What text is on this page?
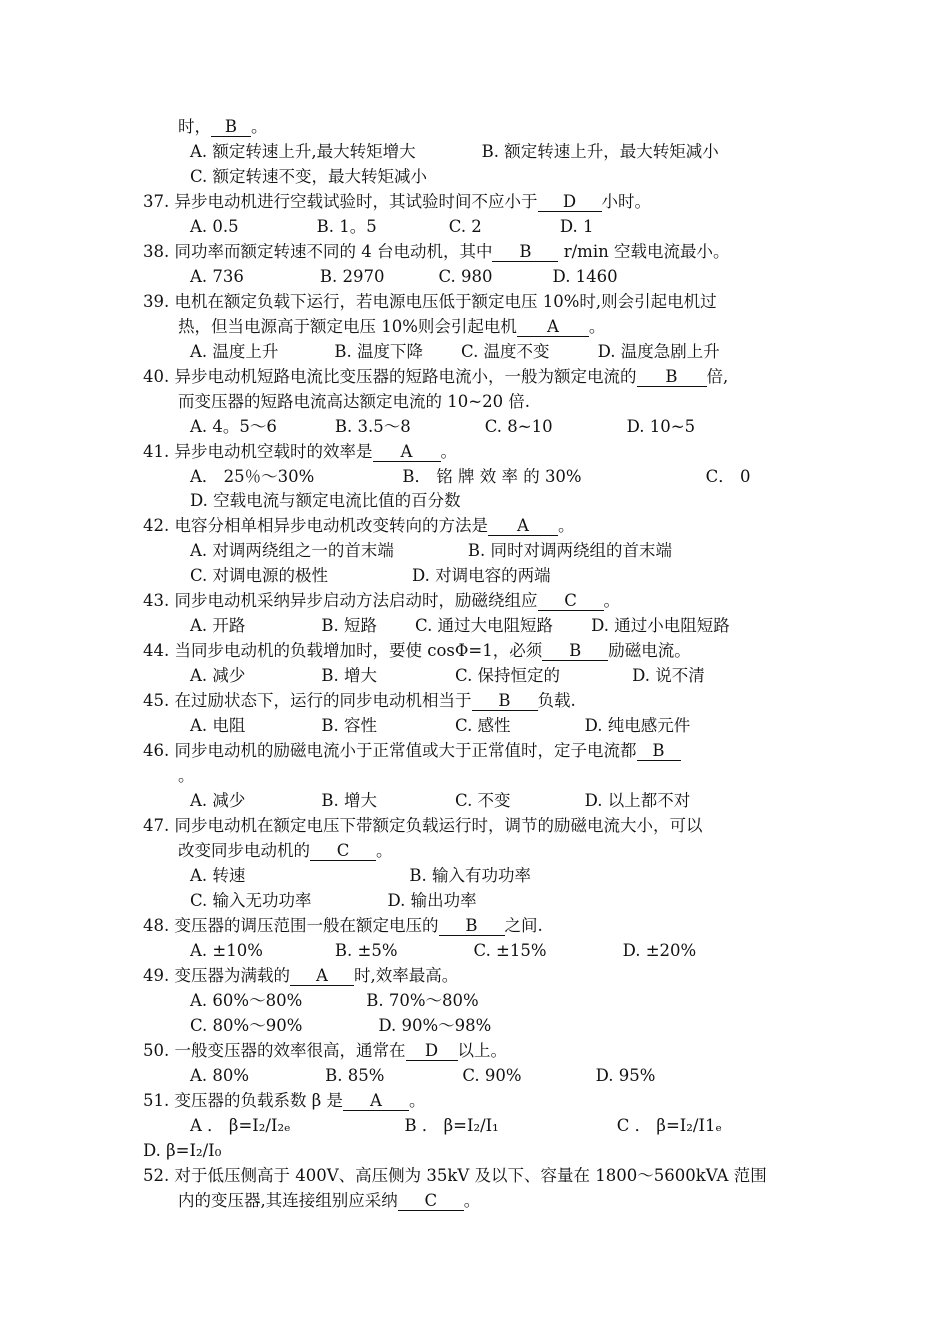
时， B 。
A. 额定转速上升,最大转矩增大	B. 额定转速上升，最大转矩减小
C. 额定转速不变，最大转矩减小
37. 异步电动机进行空载试验时，其试验时间不应小于 D 小时。
A. 0.5	B. 1。5	C. 2	D. 1
38. 同功率而额定转速不同的 4 台电动机，其中 B r/min 空载电流最小。
A. 736	B. 2970	C. 980	D. 1460
39. 电机在额定负载下运行，若电源电压低于额定电压 10%时,则会引起电机过
热，但当电源高于额定电压 10%则会引起电机 A 。
A. 温度上升	B. 温度下降 C. 温度不变	D. 温度急剧上升
40. 异步电动机短路电流比变压器的短路电流小，一般为额定电流的 B 倍,
而变压器的短路电流高达额定电流的 10~20 倍.
A. 4。5～6	B. 3.5～8	C. 8~10	D. 10~5
41. 异步电动机空载时的效率是 A 。
A． 25％～30%	B． 铭 牌 效 率 的 30%	C． 0
D. 空载电流与额定电流比值的百分数
42. 电容分相单相异步电动机改变转向的方法是 A 。
A. 对调两绕组之一的首末端	B. 同时对调两绕组的首末端
C. 对调电源的极性	D. 对调电容的两端
43. 同步电动机采纳异步启动方法启动时，励磁绕组应 C 。
A. 开路	B. 短路 C. 通过大电阻短路 D. 通过小电阻短路
44. 当同步电动机的负载增加时，要使 cosΦ=1，必须 B 励磁电流。
A. 减少	B. 增大	C. 保持恒定的	D. 说不清
45. 在过励状态下，运行的同步电动机相当于 B 负载.
A. 电阻	B. 容性	C. 感性	D. 纯电感元件
46. 同步电动机的励磁电流小于正常值或大于正常值时，定子电流都 B
。
A. 减少	B. 增大	C. 不变	D. 以上都不对
47. 同步电动机在额定电压下带额定负载运行时，调节的励磁电流大小，可以
改变同步电动机的 C 。
A. 转速	B. 输入有功功率
C. 输入无功功率	D. 输出功率
48. 变压器的调压范围一般在额定电压的 B 之间.
A. ±10%	B. ±5%	C. ±15%	D. ±20%
49. 变压器为满载的 A 时,效率最高。
A. 60%～80%	B. 70%～80%
C. 80%～90%	D. 90%～98%
50. 一般变压器的效率很高，通常在 D 以上。
A. 80%	B. 85%	C. 90%	D. 95%
51. 变压器的负载系数 β 是 A 。
A ． β=I₂/I₂ₑ	B ． β=I₂/I₁	C ． β=I₂/I1ₑ
D. β=I₂/I₀
52. 对于低压侧高于 400V、高压侧为 35kV 及以下、容量在 1800～5600kVA 范围
内的变压器,其连接组别应采纳 C 。
